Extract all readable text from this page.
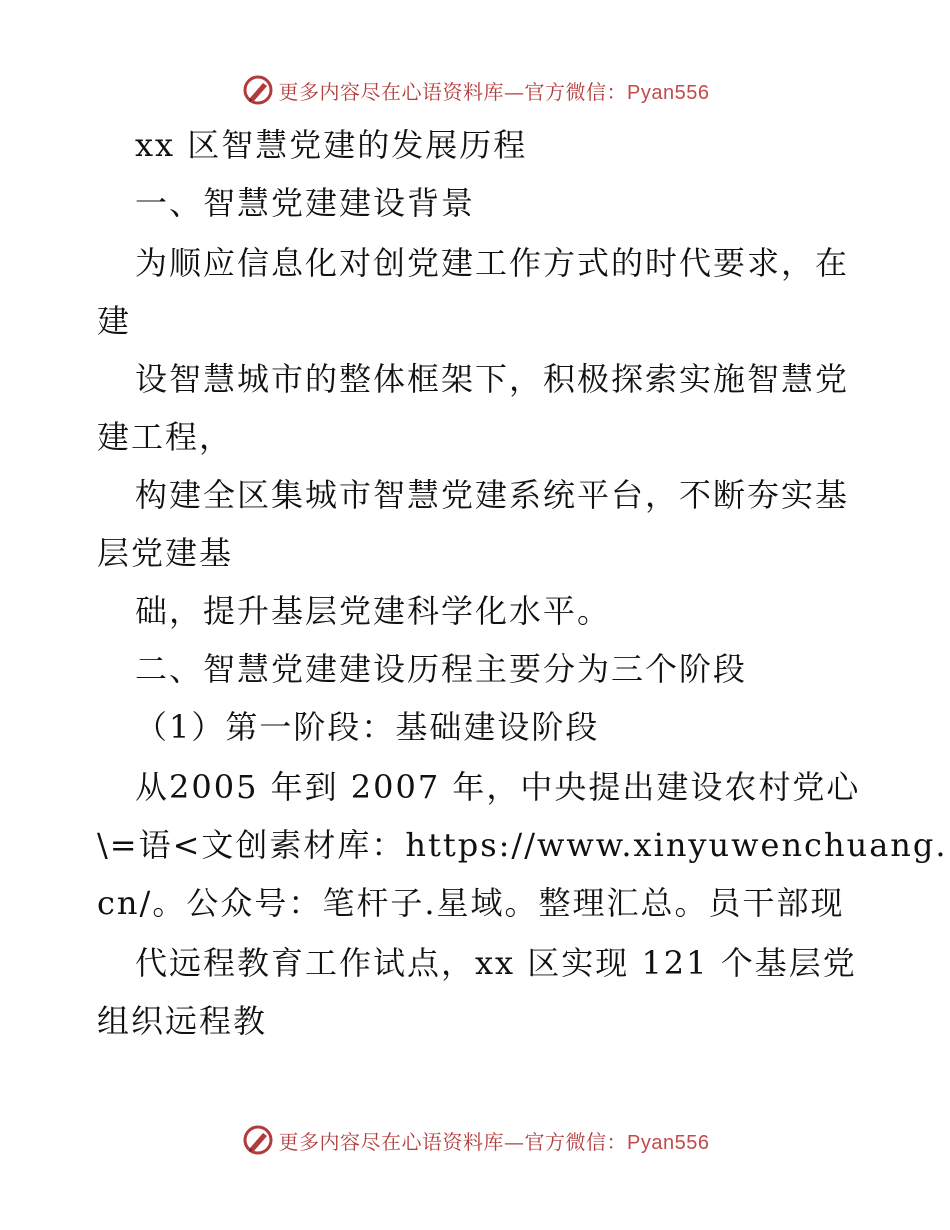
更多内容尽在心语资料库—官方微信：Pyan556
xx 区智慧党建的发展历程
一、智慧党建建设背景
为顺应信息化对创党建工作方式的时代要求，在
建
设智慧城市的整体框架下，积极探索实施智慧党
建工程，
构建全区集城市智慧党建系统平台，不断夯实基
层党建基
础，提升基层党建科学化水平。
二、智慧党建建设历程主要分为三个阶段
（1）第一阶段：基础建设阶段
从2005 年到 2007 年，中央提出建设农村党心
\=语<文创素材库：https://www.xinyuwenchuang.
cn/。公众号：笔杆子.星域。整理汇总。员干部现
代远程教育工作试点，xx 区实现 121 个基层党
组织远程教
更多内容尽在心语资料库—官方微信：Pyan556
